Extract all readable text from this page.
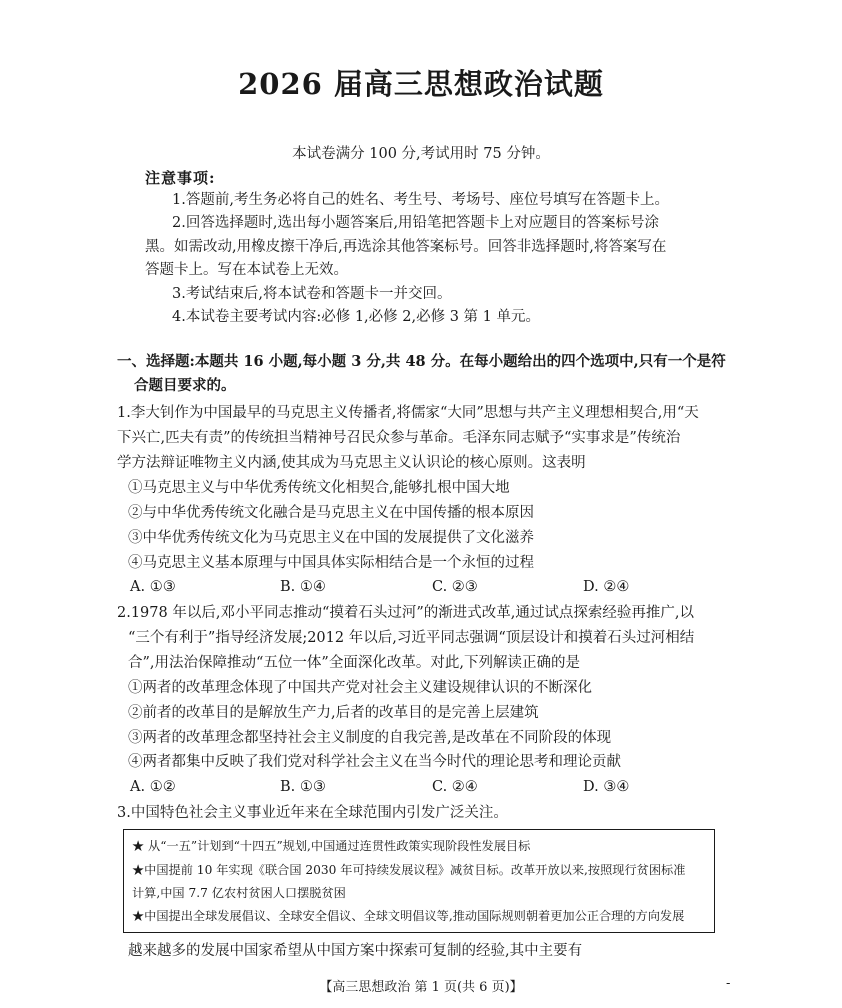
2026 届高三思想政治试题
本试卷满分 100 分,考试用时 75 分钟。
注意事项:
1.答题前,考生务必将自己的姓名、考生号、考场号、座位号填写在答题卡上。
2.回答选择题时,选出每小题答案后,用铅笔把答题卡上对应题目的答案标号涂
黑。如需改动,用橡皮擦干净后,再选涂其他答案标号。回答非选择题时,将答案写在
答题卡上。写在本试卷上无效。
3.考试结束后,将本试卷和答题卡一并交回。
4.本试卷主要考试内容:必修 1,必修 2,必修 3 第 1 单元。
一、选择题:本题共 16 小题,每小题 3 分,共 48 分。在每小题给出的四个选项中,只有一个是符
合题目要求的。
1.李大钊作为中国最早的马克思主义传播者,将儒家“大同”思想与共产主义理想相契合,用“天
下兴亡,匹夫有责”的传统担当精神号召民众参与革命。毛泽东同志赋予“实事求是”传统治
学方法辩证唯物主义内涵,使其成为马克思主义认识论的核心原则。这表明
①马克思主义与中华优秀传统文化相契合,能够扎根中国大地
②与中华优秀传统文化融合是马克思主义在中国传播的根本原因
③中华优秀传统文化为马克思主义在中国的发展提供了文化滋养
④马克思主义基本原理与中国具体实际相结合是一个永恒的过程
A. ①③	B. ①④	C. ②③	D. ②④
2.1978 年以后,邓小平同志推动“摸着石头过河”的渐进式改革,通过试点探索经验再推广,以
“三个有利于”指导经济发展;2012 年以后,习近平同志强调“顶层设计和摸着石头过河相结
合”,用法治保障推动“五位一体”全面深化改革。对此,下列解读正确的是
①两者的改革理念体现了中国共产党对社会主义建设规律认识的不断深化
②前者的改革目的是解放生产力,后者的改革目的是完善上层建筑
③两者的改革理念都坚持社会主义制度的自我完善,是改革在不同阶段的体现
④两者都集中反映了我们党对科学社会主义在当今时代的理论思考和理论贡献
A. ①②	B. ①③	C. ②④	D. ③④
3.中国特色社会主义事业近年来在全球范围内引发广泛关注。
★ 从“一五”计划到“十四五”规划,中国通过连贯性政策实现阶段性发展目标
★中国提前 10 年实现《联合国 2030 年可持续发展议程》减贫目标。改革开放以来,按照现行贫困标准
计算,中国 7.7 亿农村贫困人口摆脱贫困
★中国提出全球发展倡议、全球安全倡议、全球文明倡议等,推动国际规则朝着更加公正合理的方向发展
越来越多的发展中国家希望从中国方案中探索可复制的经验,其中主要有
【高三思想政治 第 1 页(共 6 页)】	-
